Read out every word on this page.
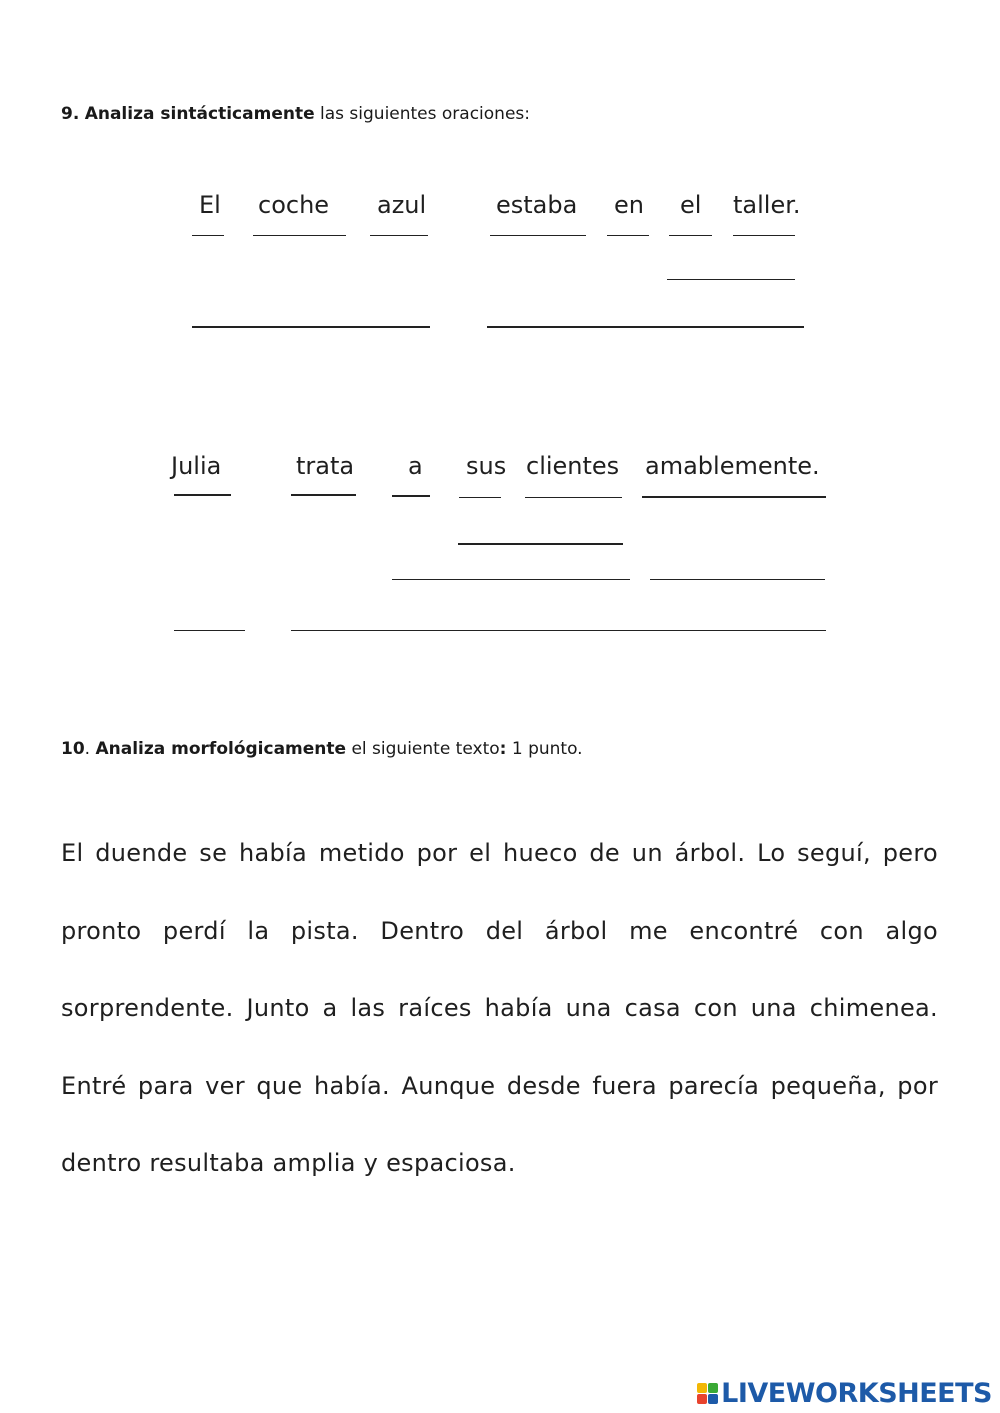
9. Analiza sintácticamente las siguientes oraciones:
El coche azul	estaba en el taller.
Julia	trata a sus clientes amablemente.
10. Analiza morfológicamente el siguiente texto: 1 punto.
El duende se había metido por el hueco de un árbol. Lo seguí, pero pronto perdí la pista. Dentro del árbol me encontré con algo sorprendente. Junto a las raíces había una casa con una chimenea. Entré para ver que había. Aunque desde fuera parecía pequeña, por dentro resultaba amplia y espaciosa.
LIVEWORKSHEETS
